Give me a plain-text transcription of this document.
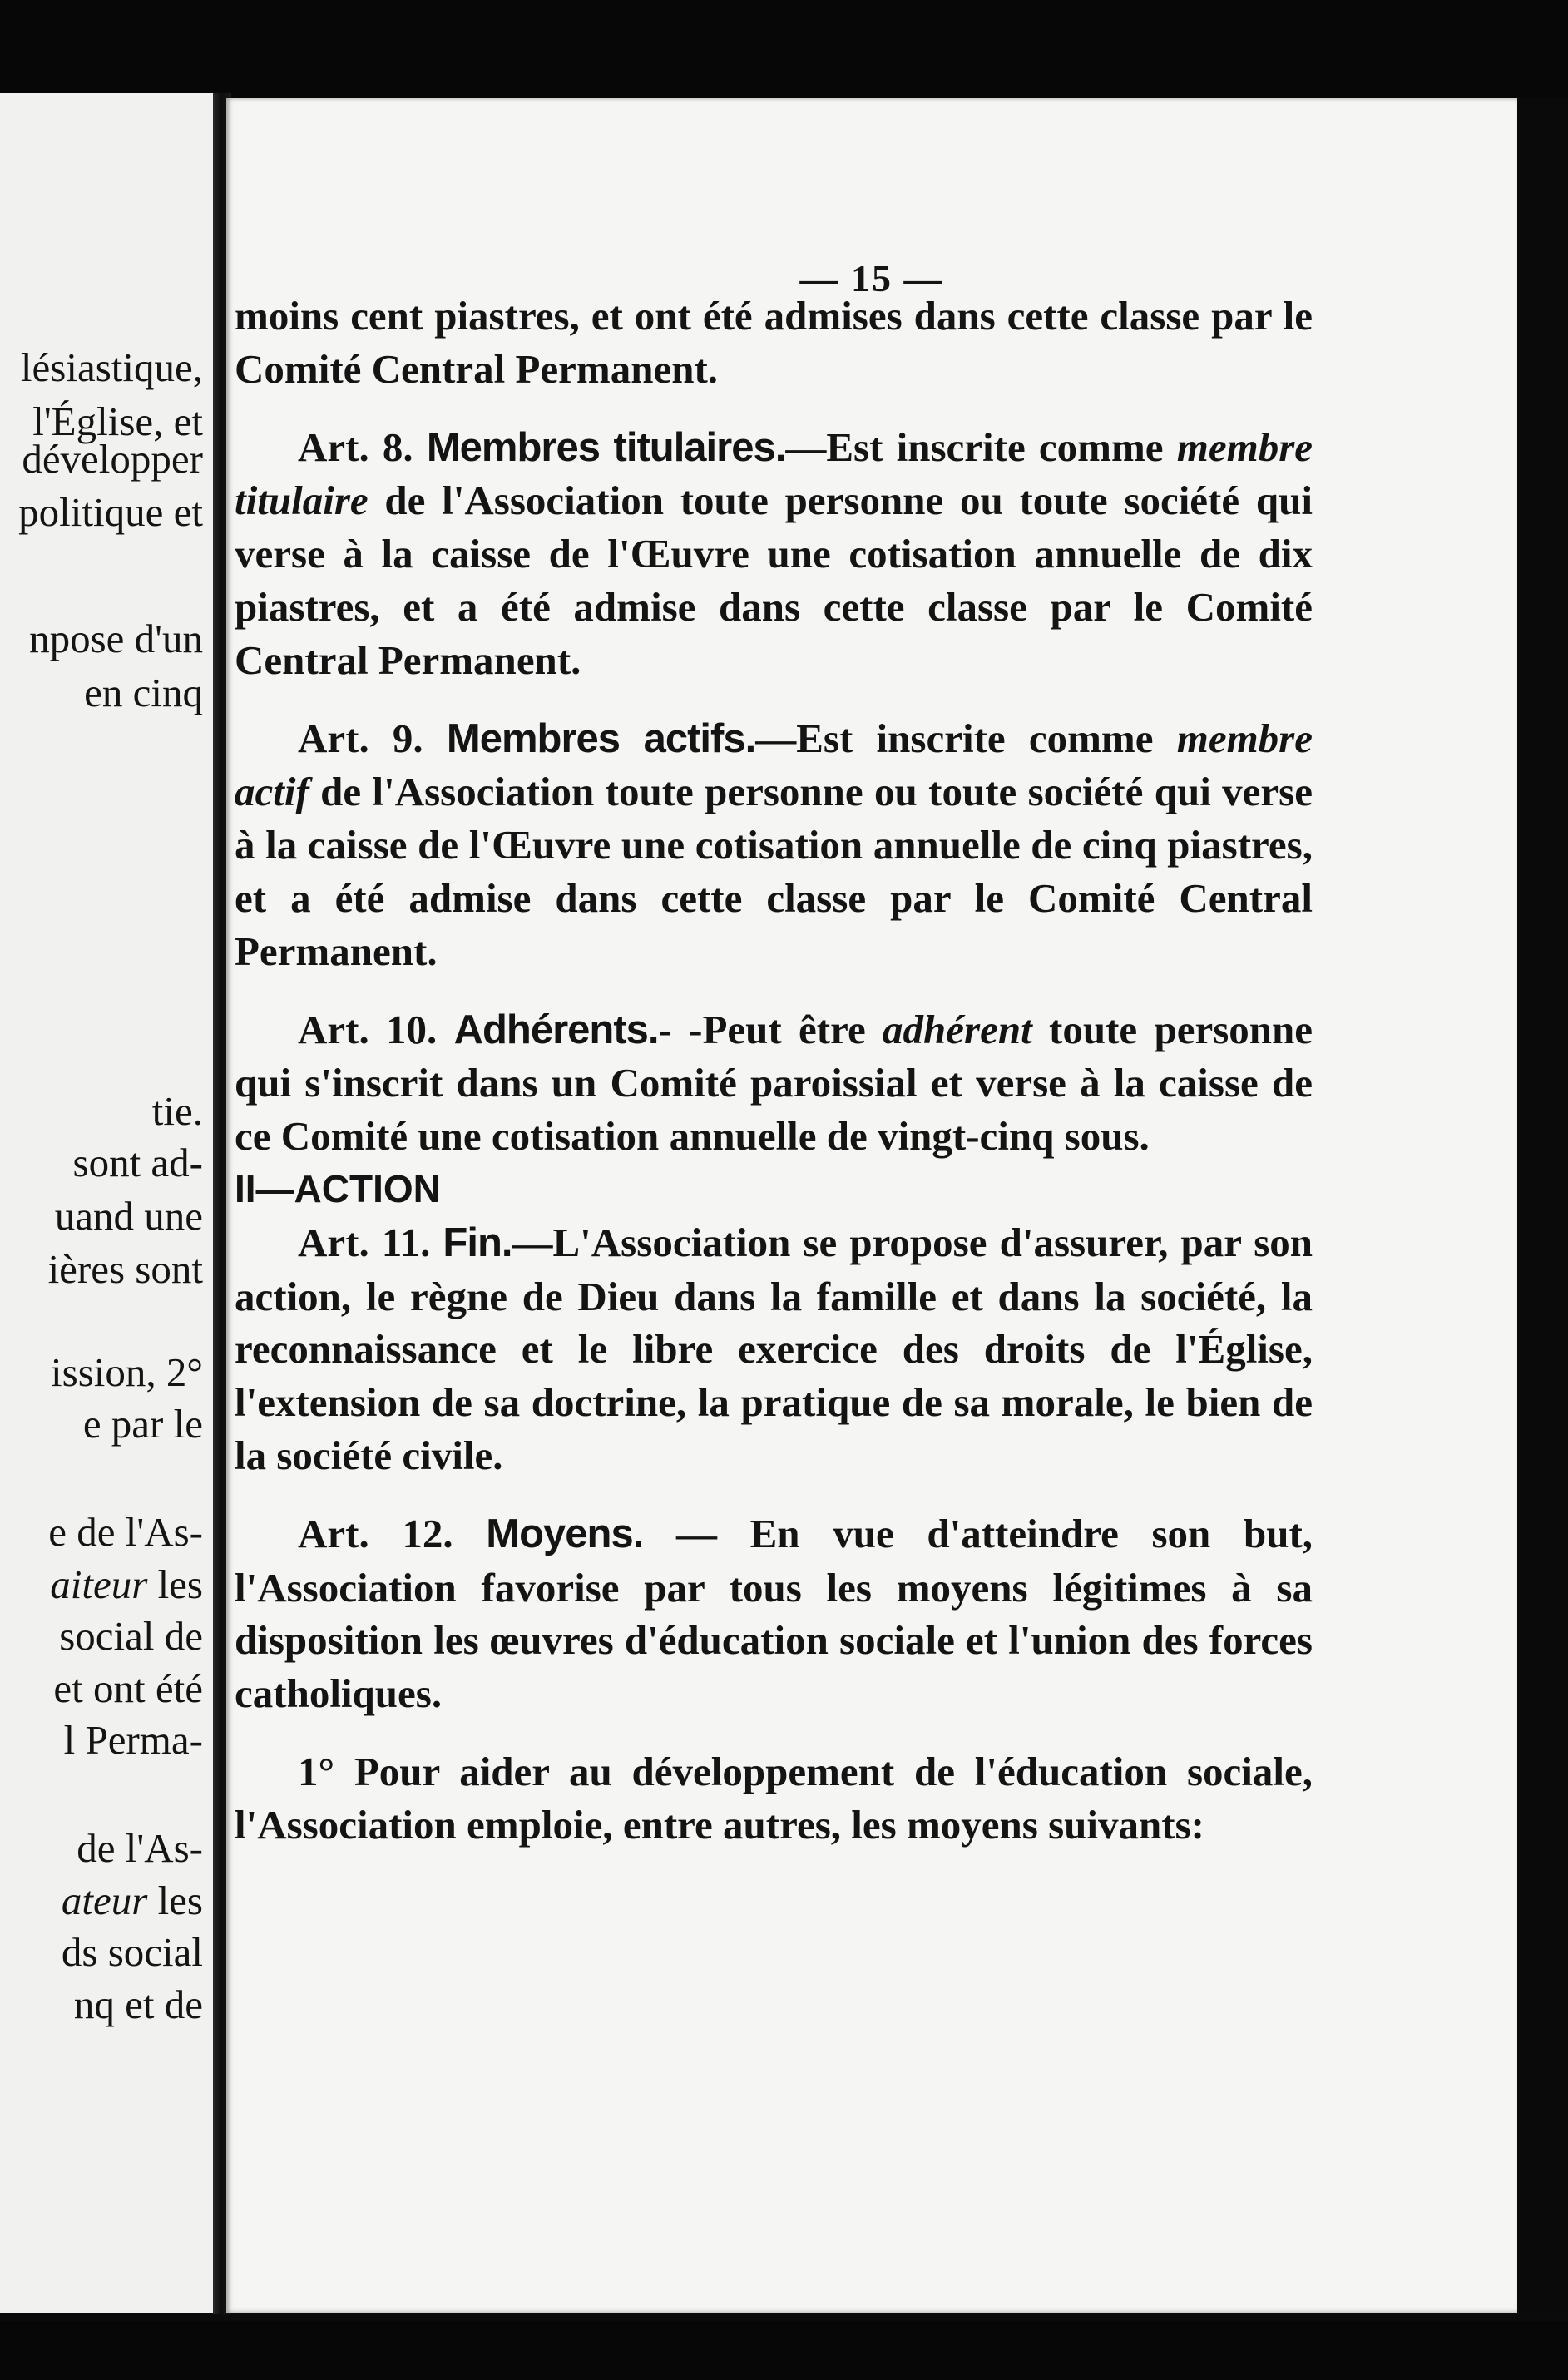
lésiastique,

l'Église, et

développer

politique et

npose d'un

en cinq

tie.

sont ad-

uand une

ières sont

ission, 2°

e par le

e de l'As-

aiteur les

social de

et ont été

l Perma-

de l'As-

ateur les

ds social

nq et de

— 15 —

moins cent piastres, et ont été admises dans cette classe par le Comité Central Permanent.

Art. 8. Membres titulaires.—Est inscrite comme membre titulaire de l'Association toute personne ou toute société qui verse à la caisse de l'Œuvre une cotisation annuelle de dix piastres, et a été admise dans cette classe par le Comité Central Permanent.

Art. 9. Membres actifs.—Est inscrite comme membre actif de l'Association toute personne ou toute société qui verse à la caisse de l'Œuvre une cotisation annuelle de cinq piastres, et a été admise dans cette classe par le Comité Central Permanent.

Art. 10. Adhérents.- -Peut être adhérent toute personne qui s'inscrit dans un Comité paroissial et verse à la caisse de ce Comité une cotisation annuelle de vingt-cinq sous.

II—ACTION

Art. 11. Fin.—L'Association se propose d'assurer, par son action, le règne de Dieu dans la famille et dans la société, la reconnaissance et le libre exercice des droits de l'Église, l'extension de sa doctrine, la pratique de sa morale, le bien de la société civile.

Art. 12. Moyens. — En vue d'atteindre son but, l'Association favorise par tous les moyens légitimes à sa disposition les œuvres d'éducation sociale et l'union des forces catholiques.

1° Pour aider au développement de l'éducation sociale, l'Association emploie, entre autres, les moyens suivants:
